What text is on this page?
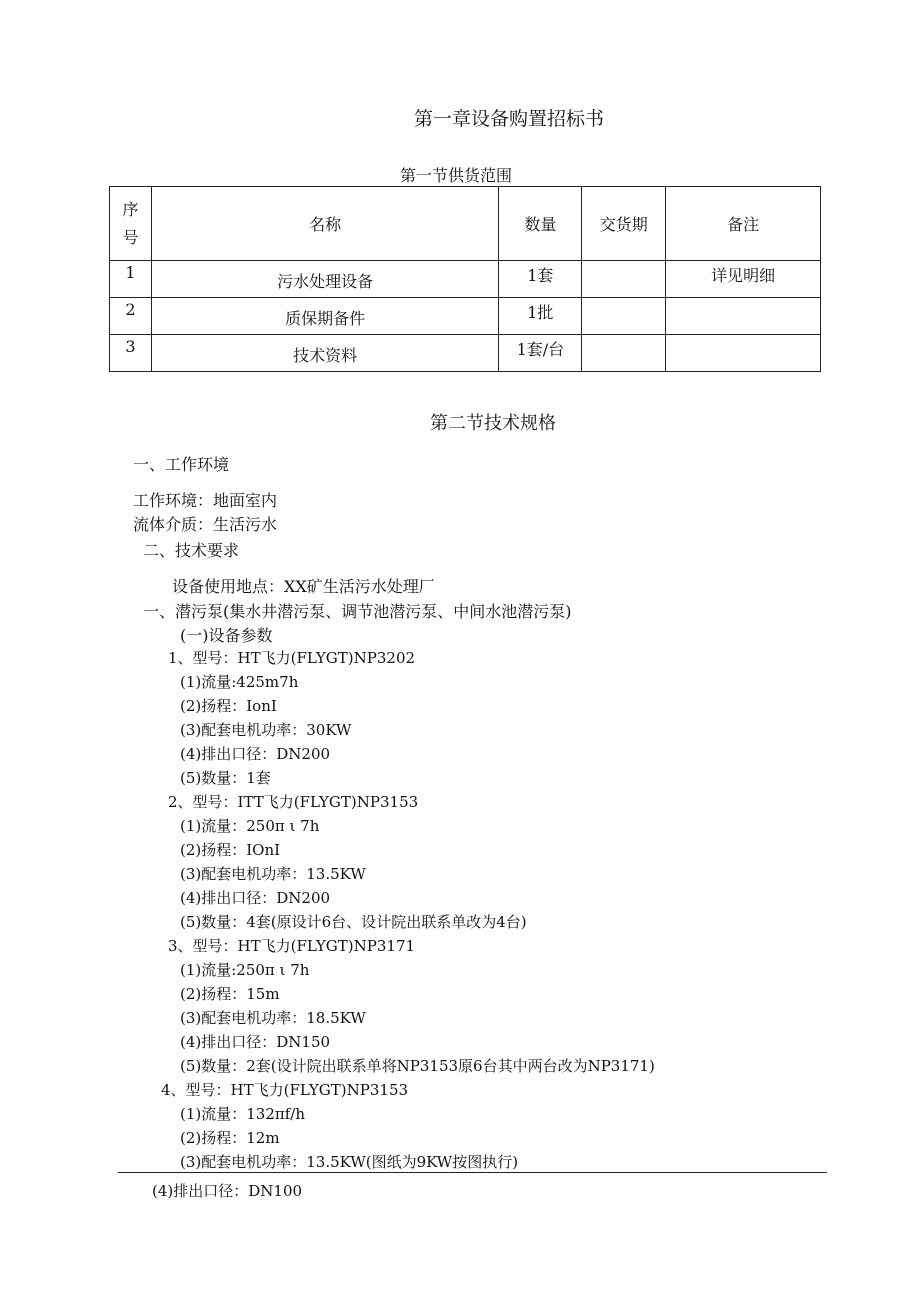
第一章设备购置招标书
第一节供货范围
序
号	名称	数量	交货期	备注
1	污水处理设备	1套		详见明细
2	质保期备件	1批		
3	技术资料	1套/台		
第二节技术规格
一、工作环境
工作环境：地面室内
流体介质：生活污水
二、技术要求
设备使用地点：XX矿生活污水处理厂
一、潜污泵(集水井潜污泵、调节池潜污泵、中间水池潜污泵)
(一)设备参数
1、型号：HT飞力(FLYGT)NP3202
(1)流量:425m7h
(2)扬程：IonI
(3)配套电机功率：30KW
(4)排出口径：DN200
(5)数量：1套
2、型号：ITT飞力(FLYGT)NP3153
(1)流量：250π ι 7h
(2)扬程：IOnI
(3)配套电机功率：13.5KW
(4)排出口径：DN200
(5)数量：4套(原设计6台、设计院出联系单改为4台)
3、型号：HT飞力(FLYGT)NP3171
(1)流量:250π ι 7h
(2)扬程：15m
(3)配套电机功率：18.5KW
(4)排出口径：DN150
(5)数量：2套(设计院出联系单将NP3153原6台其中两台改为NP3171)
4、型号：HT飞力(FLYGT)NP3153
(1)流量：132πf/h
(2)扬程：12m
(3)配套电机功率：13.5KW(图纸为9KW按图执行)
(4)排出口径：DN100
